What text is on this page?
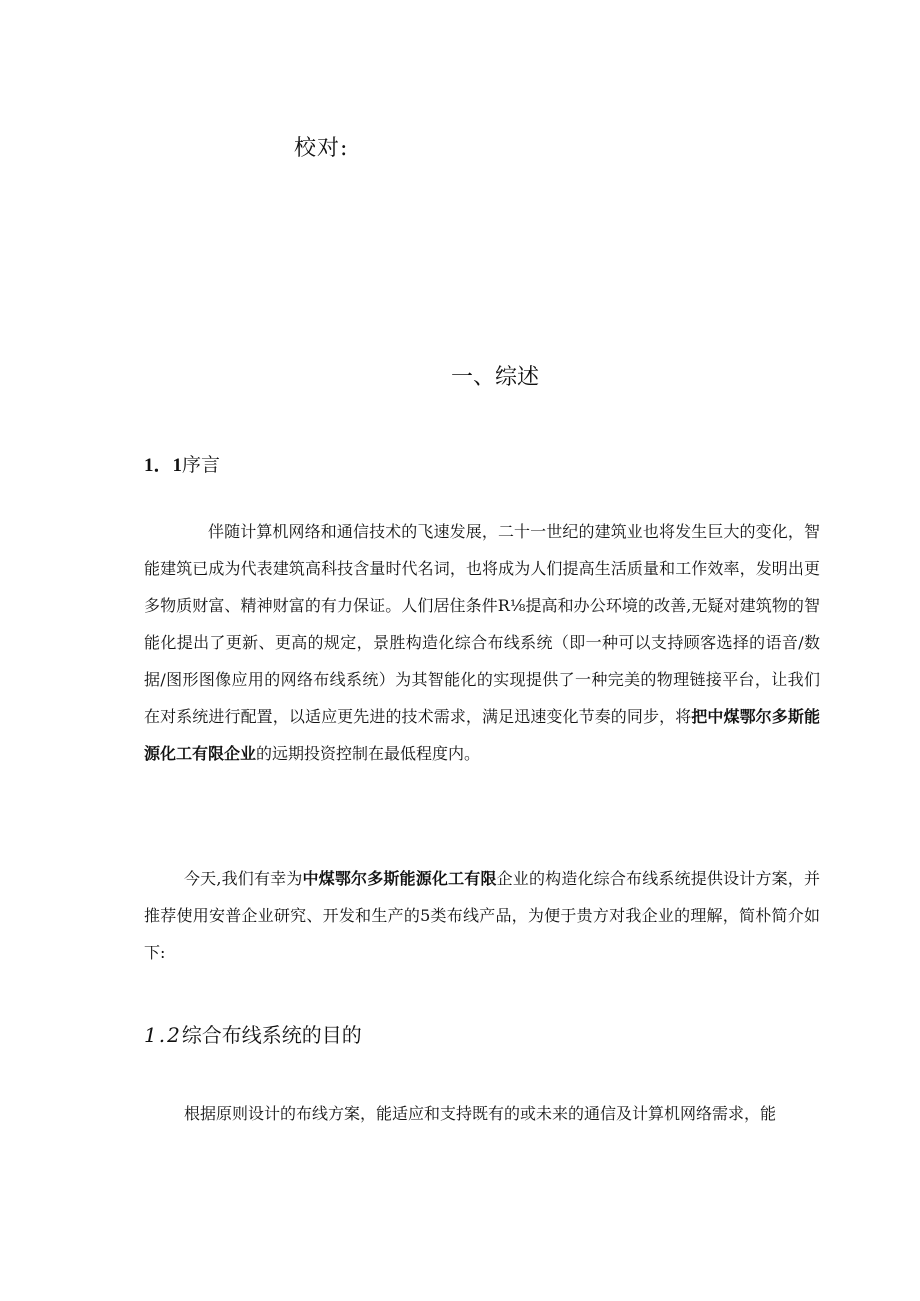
校对:
一、综述
1．1序言

伴随计算机网络和通信技术的飞速发展，二十一世纪的建筑业也将发生巨大的变化，智能建筑已成为代表建筑高科技含量时代名词，也将成为人们提高生活质量和工作效率，发明出更多物质财富、精神财富的有力保证。人们居住条件R⅛提高和办公环境的改善,无疑对建筑物的智能化提出了更新、更高的规定，景胜构造化综合布线系统（即一种可以支持顾客选择的语音/数据/图形图像应用的网络布线系统）为其智能化的实现提供了一种完美的物理链接平台，让我们在对系统进行配置，以适应更先进的技术需求，满足迅速变化节奏的同步，将把中煤鄂尔多斯能源化工有限企业的远期投资控制在最低程度内。

今天,我们有幸为中煤鄂尔多斯能源化工有限企业的构造化综合布线系统提供设计方案，并推荐使用安普企业研究、开发和生产的5类布线产品，为便于贵方对我企业的理解，简朴简介如下:

1.2综合布线系统的目的

根据原则设计的布线方案，能适应和支持既有的或未来的通信及计算机网络需求，能
